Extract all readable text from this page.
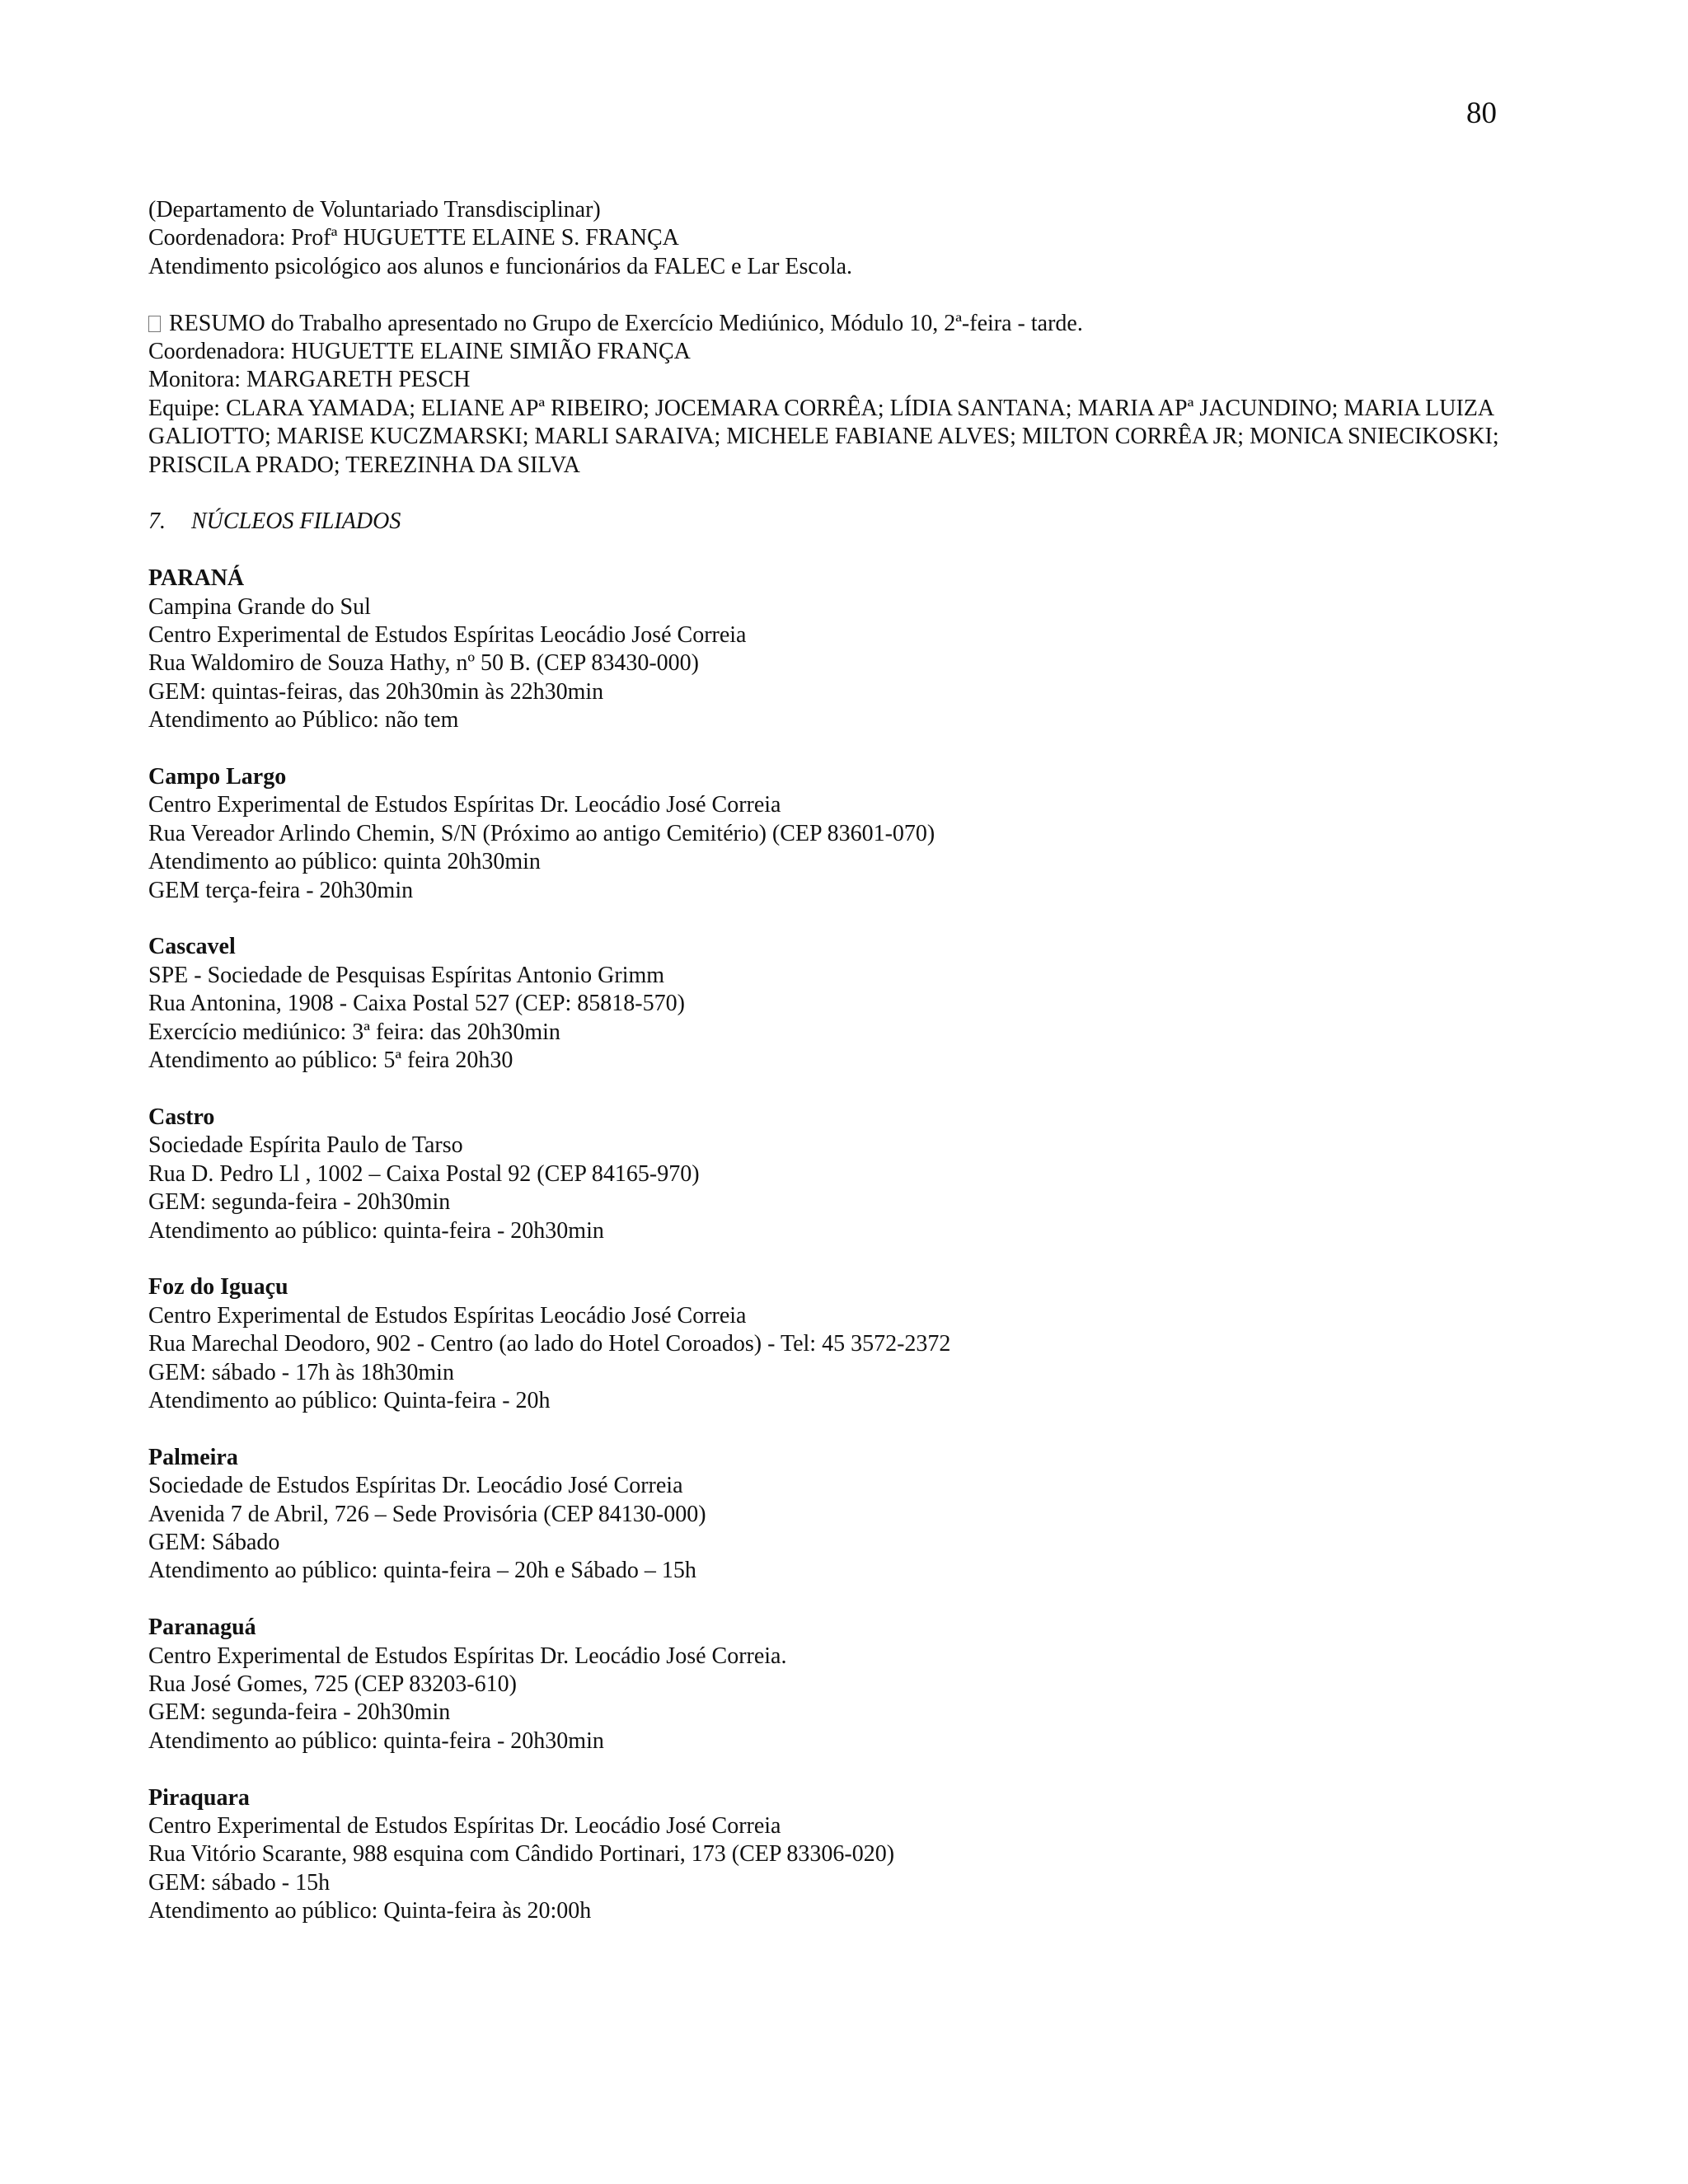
80
(Departamento de Voluntariado Transdisciplinar)
Coordenadora: Profª HUGUETTE ELAINE S. FRANÇA
Atendimento psicológico aos alunos e funcionários da FALEC e Lar Escola.
RESUMO do Trabalho apresentado no Grupo de Exercício Mediúnico, Módulo 10, 2ª-feira - tarde.
Coordenadora: HUGUETTE ELAINE SIMIÃO FRANÇA
Monitora: MARGARETH PESCH
Equipe: CLARA YAMADA; ELIANE APª RIBEIRO; JOCEMARA CORRÊA; LÍDIA SANTANA; MARIA APª JACUNDINO; MARIA LUIZA GALIOTTO; MARISE KUCZMARSKI; MARLI SARAIVA; MICHELE FABIANE ALVES; MILTON CORRÊA JR; MONICA SNIECIKOSKI; PRISCILA PRADO; TEREZINHA DA SILVA
7. NÚCLEOS FILIADOS
PARANÁ
Campina Grande do Sul
Centro Experimental de Estudos Espíritas Leocádio José Correia
Rua Waldomiro de Souza Hathy, nº 50 B. (CEP 83430-000)
GEM: quintas-feiras, das 20h30min às 22h30min
Atendimento ao Público: não tem
Campo Largo
Centro Experimental de Estudos Espíritas Dr. Leocádio José Correia
Rua Vereador Arlindo Chemin, S/N (Próximo ao antigo Cemitério) (CEP 83601-070)
Atendimento ao público: quinta 20h30min
GEM terça-feira - 20h30min
Cascavel
SPE - Sociedade de Pesquisas Espíritas Antonio Grimm
Rua Antonina, 1908 - Caixa Postal 527 (CEP: 85818-570)
Exercício mediúnico: 3ª feira: das 20h30min
Atendimento ao público: 5ª feira 20h30
Castro
Sociedade Espírita Paulo de Tarso
Rua D. Pedro Ll , 1002 – Caixa Postal 92 (CEP 84165-970)
GEM: segunda-feira - 20h30min
Atendimento ao público: quinta-feira - 20h30min
Foz do Iguaçu
Centro Experimental de Estudos Espíritas Leocádio José Correia
Rua Marechal Deodoro, 902 - Centro (ao lado do Hotel Coroados) - Tel: 45 3572-2372
GEM: sábado - 17h às 18h30min
Atendimento ao público: Quinta-feira - 20h
Palmeira
Sociedade de Estudos Espíritas Dr. Leocádio José Correia
Avenida 7 de Abril, 726 – Sede Provisória (CEP 84130-000)
GEM: Sábado
Atendimento ao público: quinta-feira – 20h e Sábado – 15h
Paranaguá
Centro Experimental de Estudos Espíritas Dr. Leocádio José Correia.
Rua José Gomes, 725 (CEP 83203-610)
GEM: segunda-feira - 20h30min
Atendimento ao público: quinta-feira - 20h30min
Piraquara
Centro Experimental de Estudos Espíritas Dr. Leocádio José Correia
Rua Vitório Scarante, 988 esquina com Cândido Portinari, 173 (CEP 83306-020)
GEM: sábado - 15h
Atendimento ao público: Quinta-feira às 20:00h
